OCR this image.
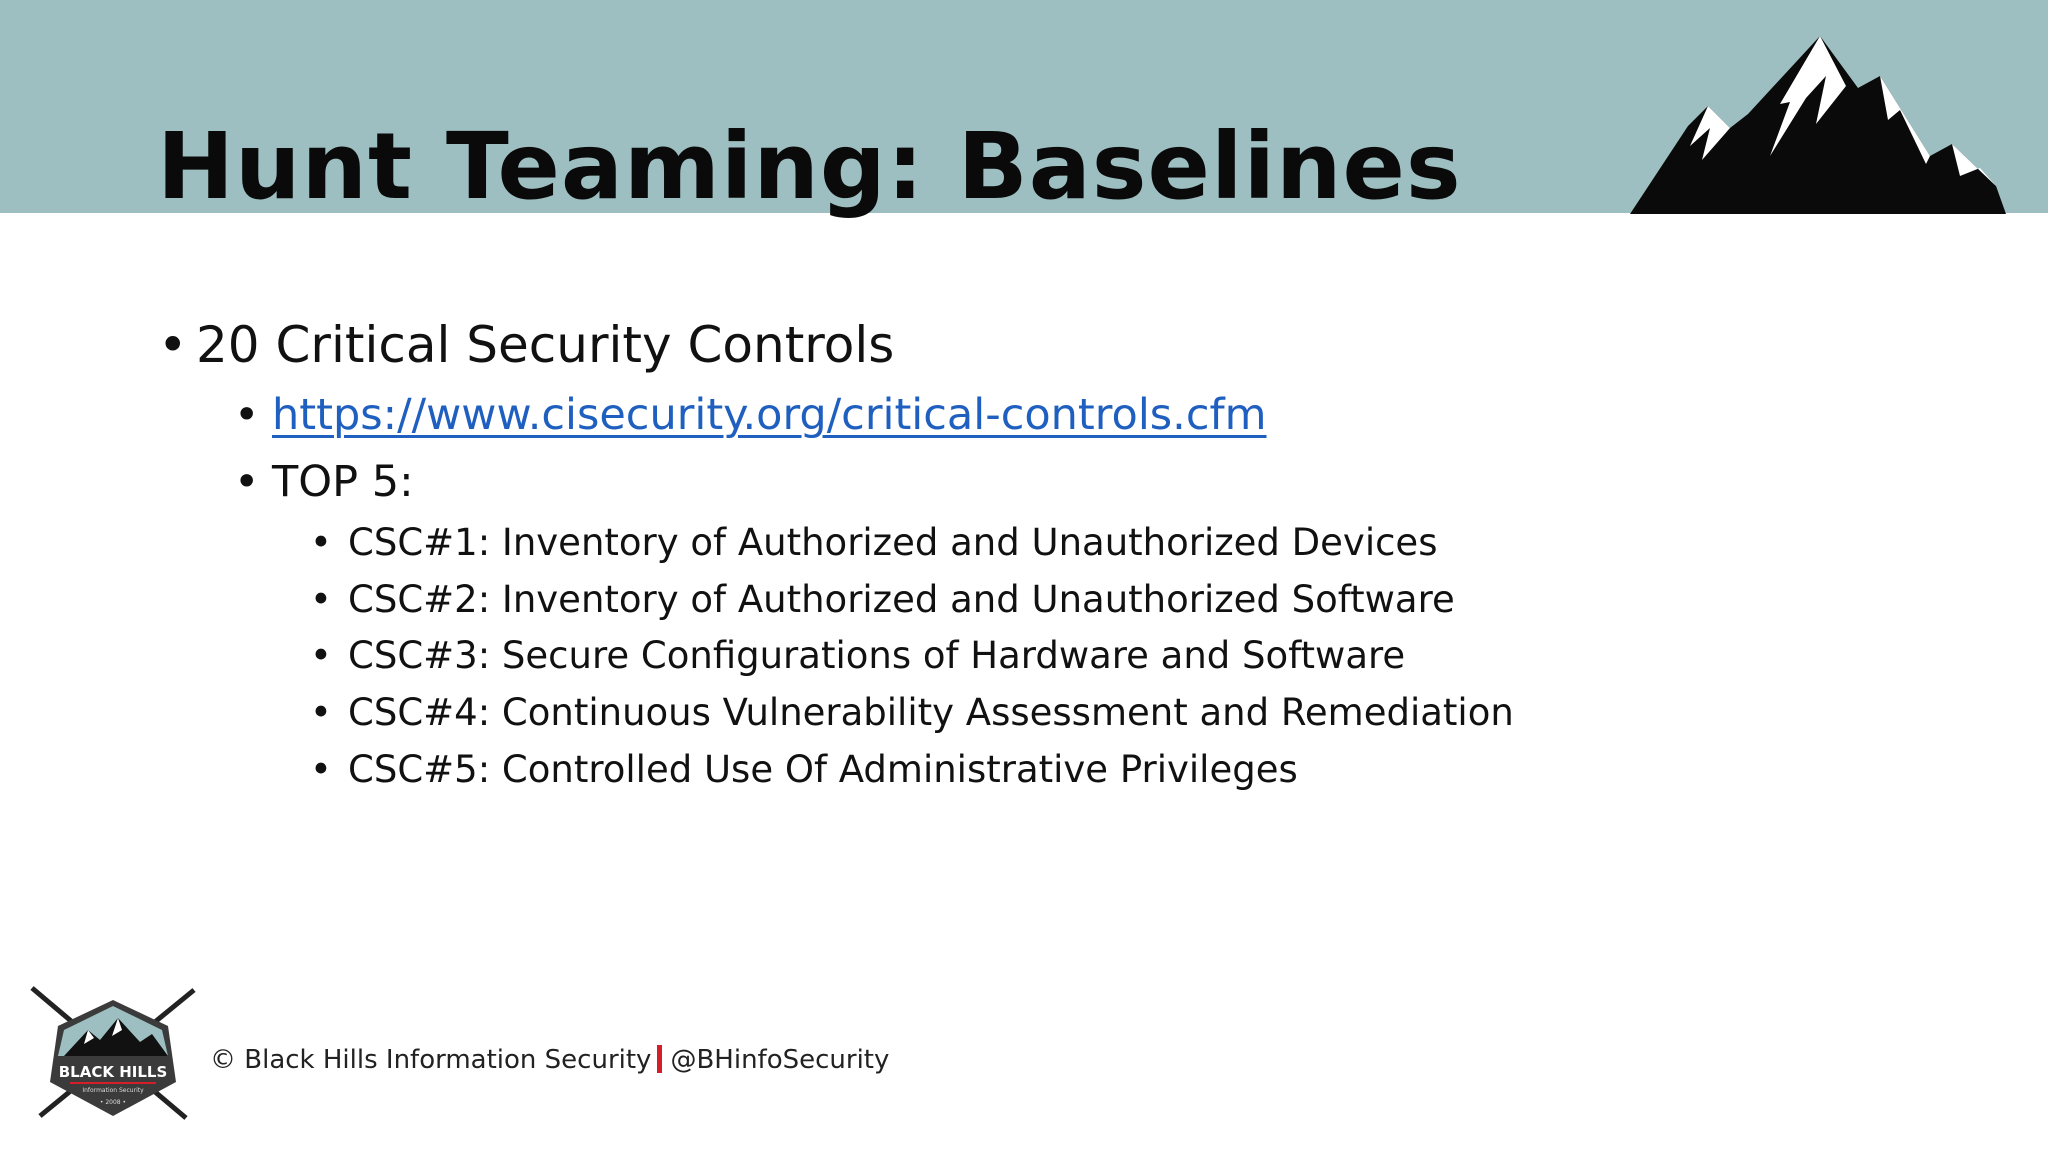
Hunt Teaming: Baselines
• 20 Critical Security Controls
• https://www.cisecurity.org/critical-controls.cfm
• TOP 5:
• CSC#1: Inventory of Authorized and Unauthorized Devices
• CSC#2: Inventory of Authorized and Unauthorized Software
• CSC#3: Secure Configurations of Hardware and Software
• CSC#4: Continuous Vulnerability Assessment and Remediation
• CSC#5: Controlled Use Of Administrative Privileges
BLACK HILLS
Information Security
• 2008 •
© Black Hills Information Security @BHinfoSecurity
